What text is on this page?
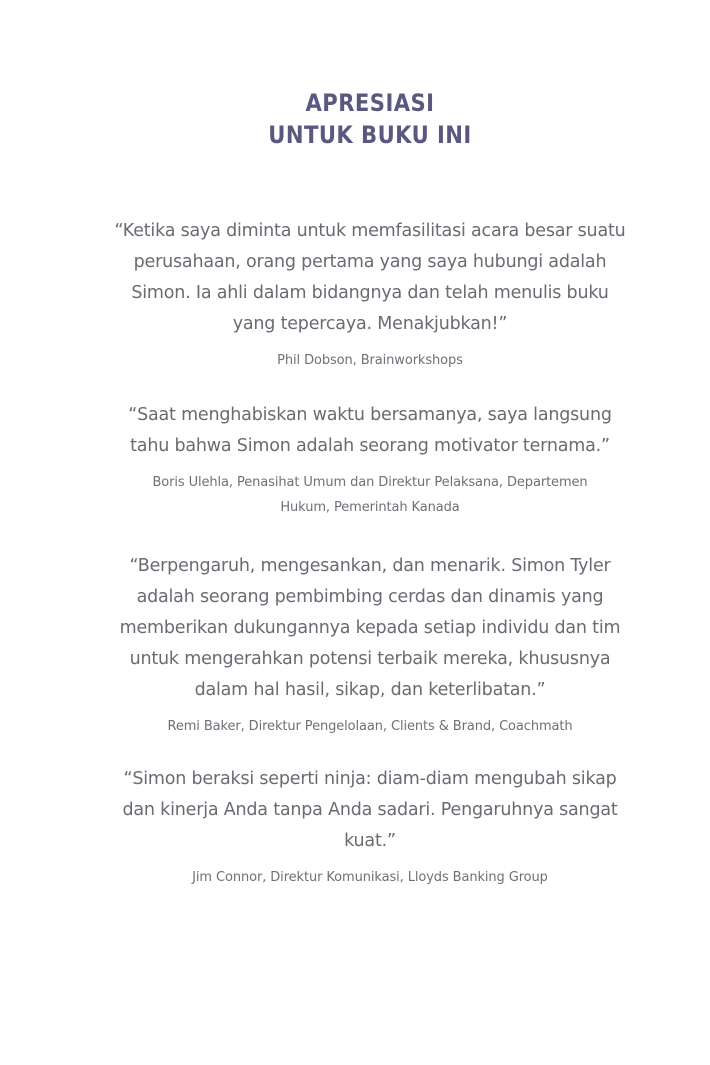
APRESIASI
UNTUK BUKU INI
“Ketika saya diminta untuk memfasilitasi acara besar suatu
perusahaan, orang pertama yang saya hubungi adalah
Simon. Ia ahli dalam bidangnya dan telah menulis buku
yang tepercaya. Menakjubkan!”
Phil Dobson, Brainworkshops
“Saat menghabiskan waktu bersamanya, saya langsung
tahu bahwa Simon adalah seorang motivator ternama.”
Boris Ulehla, Penasihat Umum dan Direktur Pelaksana, Departemen
Hukum, Pemerintah Kanada
“Berpengaruh, mengesankan, dan menarik. Simon Tyler
adalah seorang pembimbing cerdas dan dinamis yang
memberikan dukungannya kepada setiap individu dan tim
untuk mengerahkan potensi terbaik mereka, khususnya
dalam hal hasil, sikap, dan keterlibatan.”
Remi Baker, Direktur Pengelolaan, Clients & Brand, Coachmath
“Simon beraksi seperti ninja: diam-diam mengubah sikap
dan kinerja Anda tanpa Anda sadari. Pengaruhnya sangat
kuat.”
Jim Connor, Direktur Komunikasi, Lloyds Banking Group
